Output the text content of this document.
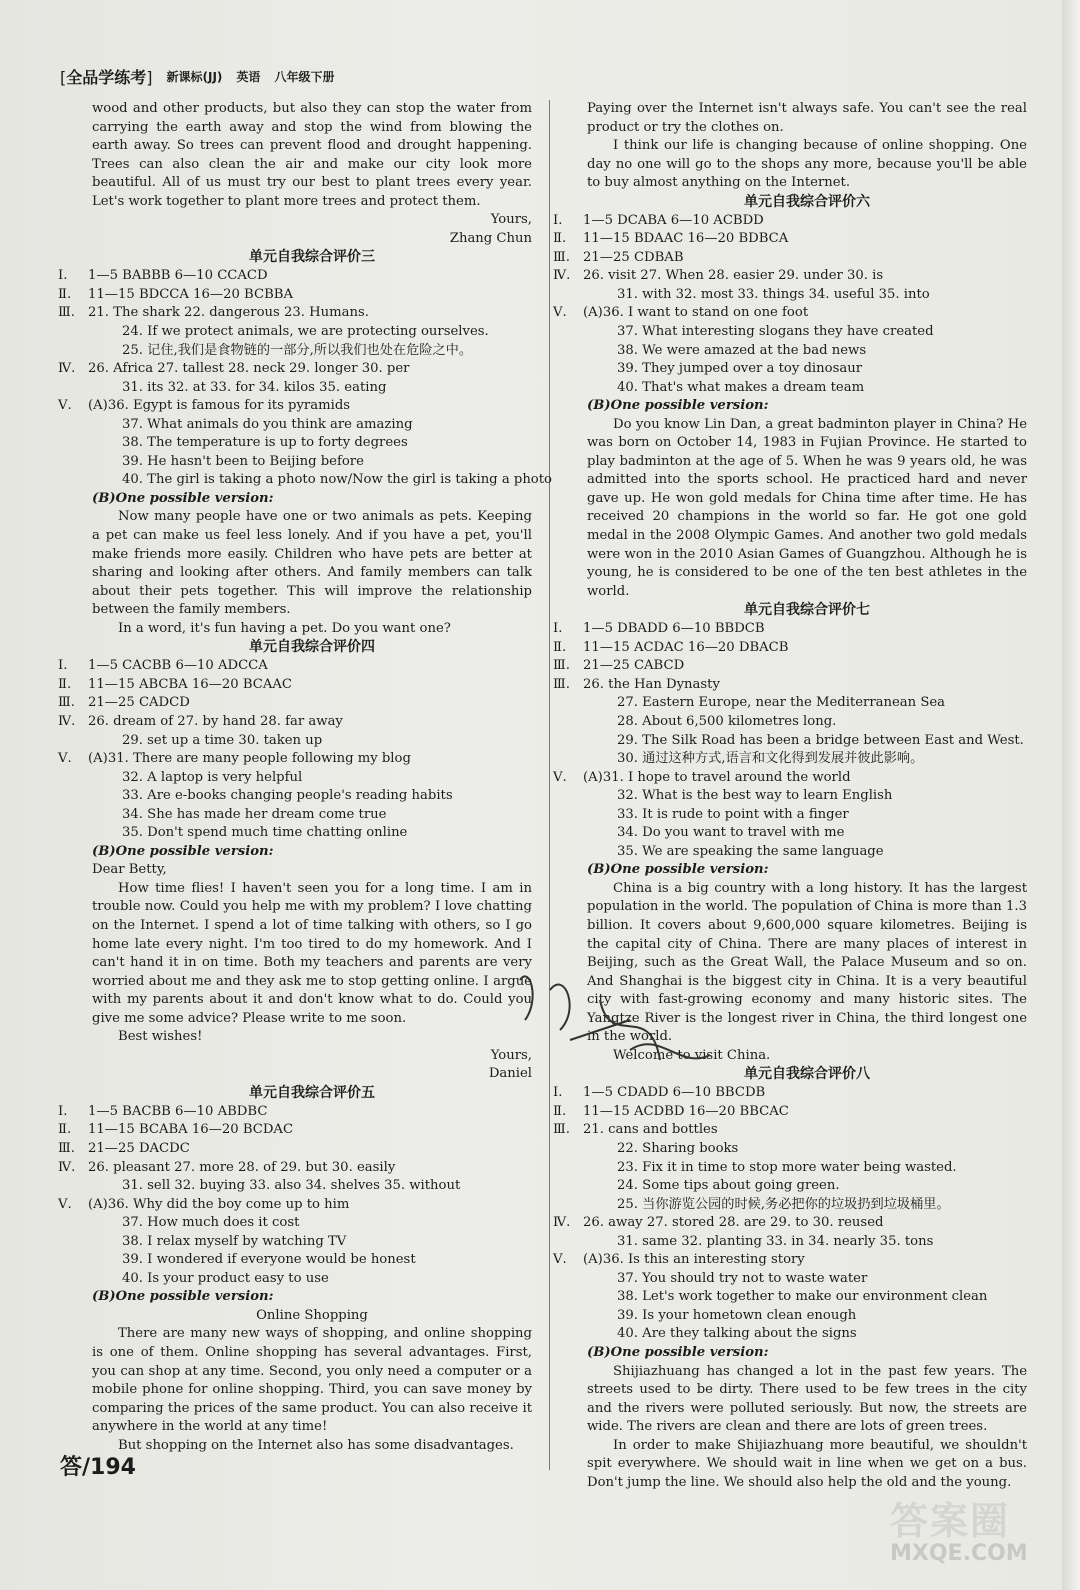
[全品学练考] 新课标(JJ) 英语 八年级下册
wood and other products, but also they can stop the water from carrying the earth away and stop the wind from blowing the earth away. So trees can prevent flood and drought happening. Trees can also clean the air and make our city look more beautiful. All of us must try our best to plant trees every year. Let's work together to plant more trees and protect them.
Yours,
Zhang Chun
单元自我综合评价三
Ⅰ.	1—5 BABBB 6—10 CCACD
Ⅱ.	11—15 BDCCA 16—20 BCBBA
Ⅲ. 21. The shark 22. dangerous 23. Humans.
24. If we protect animals, we are protecting ourselves.
25. 记住,我们是食物链的一部分,所以我们也处在危险之中。
Ⅳ. 26. Africa 27. tallest 28. neck 29. longer 30. per
31. its 32. at 33. for 34. kilos 35. eating
Ⅴ.	(A)36. Egypt is famous for its pyramids
37. What animals do you think are amazing
38. The temperature is up to forty degrees
39. He hasn't been to Beijing before
40. The girl is taking a photo now/Now the girl is taking a photo
(B)One possible version:
Now many people have one or two animals as pets. Keeping a pet can make us feel less lonely. And if you have a pet, you'll make friends more easily. Children who have pets are better at sharing and looking after others. And family members can talk about their pets together. This will improve the relationship between the family members.
In a word, it's fun having a pet. Do you want one?
单元自我综合评价四
Ⅰ.	1—5 CACBB 6—10 ADCCA
Ⅱ.	11—15 ABCBA 16—20 BCAAC
Ⅲ. 21—25 CADCD
Ⅳ. 26. dream of 27. by hand 28. far away
29. set up a time 30. taken up
Ⅴ.	(A)31. There are many people following my blog
32. A laptop is very helpful
33. Are e-books changing people's reading habits
34. She has made her dream come true
35. Don't spend much time chatting online
(B)One possible version:
Dear Betty,
How time flies! I haven't seen you for a long time. I am in trouble now. Could you help me with my problem? I love chatting on the Internet. I spend a lot of time talking with others, so I go home late every night. I'm too tired to do my homework. And I can't hand it in on time. Both my teachers and parents are very worried about me and they ask me to stop getting online. I argue with my parents about it and don't know what to do. Could you give me some advice? Please write to me soon.
Best wishes!
Yours,
Daniel
单元自我综合评价五
Ⅰ.	1—5 BACBB 6—10 ABDBC
Ⅱ.	11—15 BCABA 16—20 BCDAC
Ⅲ. 21—25 DACDC
Ⅳ. 26. pleasant 27. more 28. of 29. but 30. easily
31. sell 32. buying 33. also 34. shelves 35. without
Ⅴ.	(A)36. Why did the boy come up to him
37. How much does it cost
38. I relax myself by watching TV
39. I wondered if everyone would be honest
40. Is your product easy to use
(B)One possible version:
Online Shopping
There are many new ways of shopping, and online shopping is one of them. Online shopping has several advantages. First, you can shop at any time. Second, you only need a computer or a mobile phone for online shopping. Third, you can save money by comparing the prices of the same product. You can also receive it anywhere in the world at any time!
But shopping on the Internet also has some disadvantages.
Paying over the Internet isn't always safe. You can't see the real product or try the clothes on.
I think our life is changing because of online shopping. One day no one will go to the shops any more, because you'll be able to buy almost anything on the Internet.
单元自我综合评价六
Ⅰ.	1—5 DCABA 6—10 ACBDD
Ⅱ.	11—15 BDAAC 16—20 BDBCA
Ⅲ. 21—25 CDBAB
Ⅳ. 26. visit 27. When 28. easier 29. under 30. is
31. with 32. most 33. things 34. useful 35. into
Ⅴ.	(A)36. I want to stand on one foot
37. What interesting slogans they have created
38. We were amazed at the bad news
39. They jumped over a toy dinosaur
40. That's what makes a dream team
(B)One possible version:
Do you know Lin Dan, a great badminton player in China? He was born on October 14, 1983 in Fujian Province. He started to play badminton at the age of 5. When he was 9 years old, he was admitted into the sports school. He practiced hard and never gave up. He won gold medals for China time after time. He has received 20 champions in the world so far. He got one gold medal in the 2008 Olympic Games. And another two gold medals were won in the 2010 Asian Games of Guangzhou. Although he is young, he is considered to be one of the ten best athletes in the world.
单元自我综合评价七
Ⅰ.	1—5 DBADD 6—10 BBDCB
Ⅱ.	11—15 ACDAC 16—20 DBACB
Ⅲ. 21—25 CABCD
Ⅲ. 26. the Han Dynasty
27. Eastern Europe, near the Mediterranean Sea
28. About 6,500 kilometres long.
29. The Silk Road has been a bridge between East and West.
30. 通过这种方式,语言和文化得到发展并彼此影响。
Ⅴ.	(A)31. I hope to travel around the world
32. What is the best way to learn English
33. It is rude to point with a finger
34. Do you want to travel with me
35. We are speaking the same language
(B)One possible version:
China is a big country with a long history. It has the largest population in the world. The population of China is more than 1.3 billion. It covers about 9,600,000 square kilometres. Beijing is the capital city of China. There are many places of interest in Beijing, such as the Great Wall, the Palace Museum and so on. And Shanghai is the biggest city in China. It is a very beautiful city with fast-growing economy and many historic sites. The Yangtze River is the longest river in China, the third longest one in the world.
Welcome to visit China.
单元自我综合评价八
Ⅰ.	1—5 CDADD 6—10 BBCDB
Ⅱ.	11—15 ACDBD 16—20 BBCAC
Ⅲ. 21. cans and bottles
22. Sharing books
23. Fix it in time to stop more water being wasted.
24. Some tips about going green.
25. 当你游览公园的时候,务必把你的垃圾扔到垃圾桶里。
Ⅳ. 26. away 27. stored 28. are 29. to 30. reused
31. same 32. planting 33. in 34. nearly 35. tons
Ⅴ.	(A)36. Is this an interesting story
37. You should try not to waste water
38. Let's work together to make our environment clean
39. Is your hometown clean enough
40. Are they talking about the signs
(B)One possible version:
Shijiazhuang has changed a lot in the past few years. The streets used to be dirty. There used to be few trees in the city and the rivers were polluted seriously. But now, the streets are wide. The rivers are clean and there are lots of green trees.
In order to make Shijiazhuang more beautiful, we shouldn't spit everywhere. We should wait in line when we get on a bus. Don't jump the line. We should also help the old and the young.
答/194
答案圈
MXQE.COM
